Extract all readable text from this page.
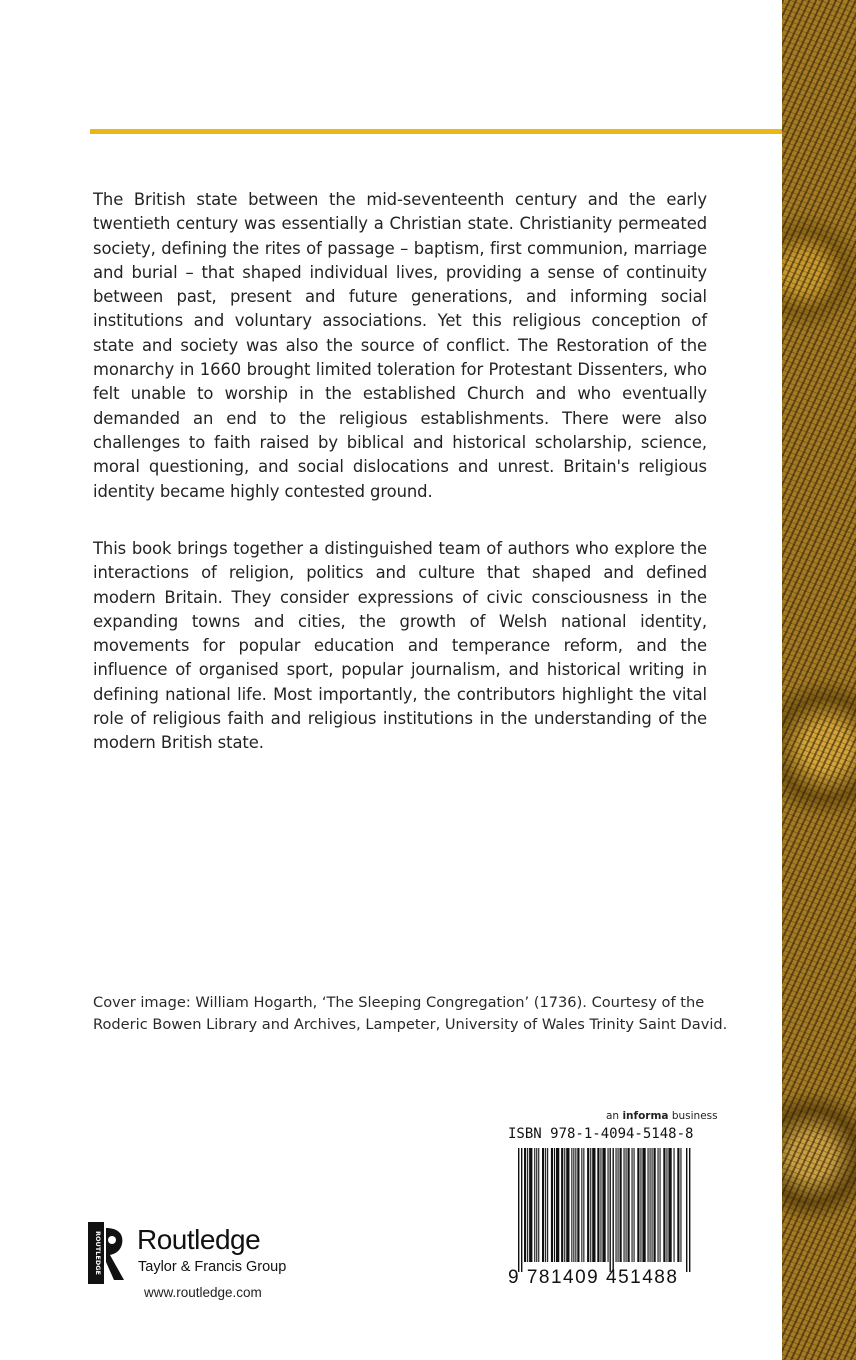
The British state between the mid-seventeenth century and the early twentieth century was essentially a Christian state. Christianity permeated society, defining the rites of passage – baptism, first communion, marriage and burial – that shaped individual lives, providing a sense of continuity between past, present and future generations, and informing social institutions and voluntary associations. Yet this religious conception of state and society was also the source of conflict. The Restoration of the monarchy in 1660 brought limited toleration for Protestant Dissenters, who felt unable to worship in the established Church and who eventually demanded an end to the religious establishments. There were also challenges to faith raised by biblical and historical scholarship, science, moral questioning, and social dislocations and unrest. Britain's religious identity became highly contested ground.

This book brings together a distinguished team of authors who explore the interactions of religion, politics and culture that shaped and defined modern Britain. They consider expressions of civic consciousness in the expanding towns and cities, the growth of Welsh national identity, movements for popular education and temperance reform, and the influence of organised sport, popular journalism, and historical writing in defining national life. Most importantly, the contributors highlight the vital role of religious faith and religious institutions in the understanding of the modern British state.

Cover image: William Hogarth, ‘The Sleeping Congregation’ (1736). Courtesy of the Roderic Bowen Library and Archives, Lampeter, University of Wales Trinity Saint David.

an informa business
ISBN 978-1-4094-5148-8
9 781409 451488
ROUTLEDGE Routledge
Taylor & Francis Group
www.routledge.com
